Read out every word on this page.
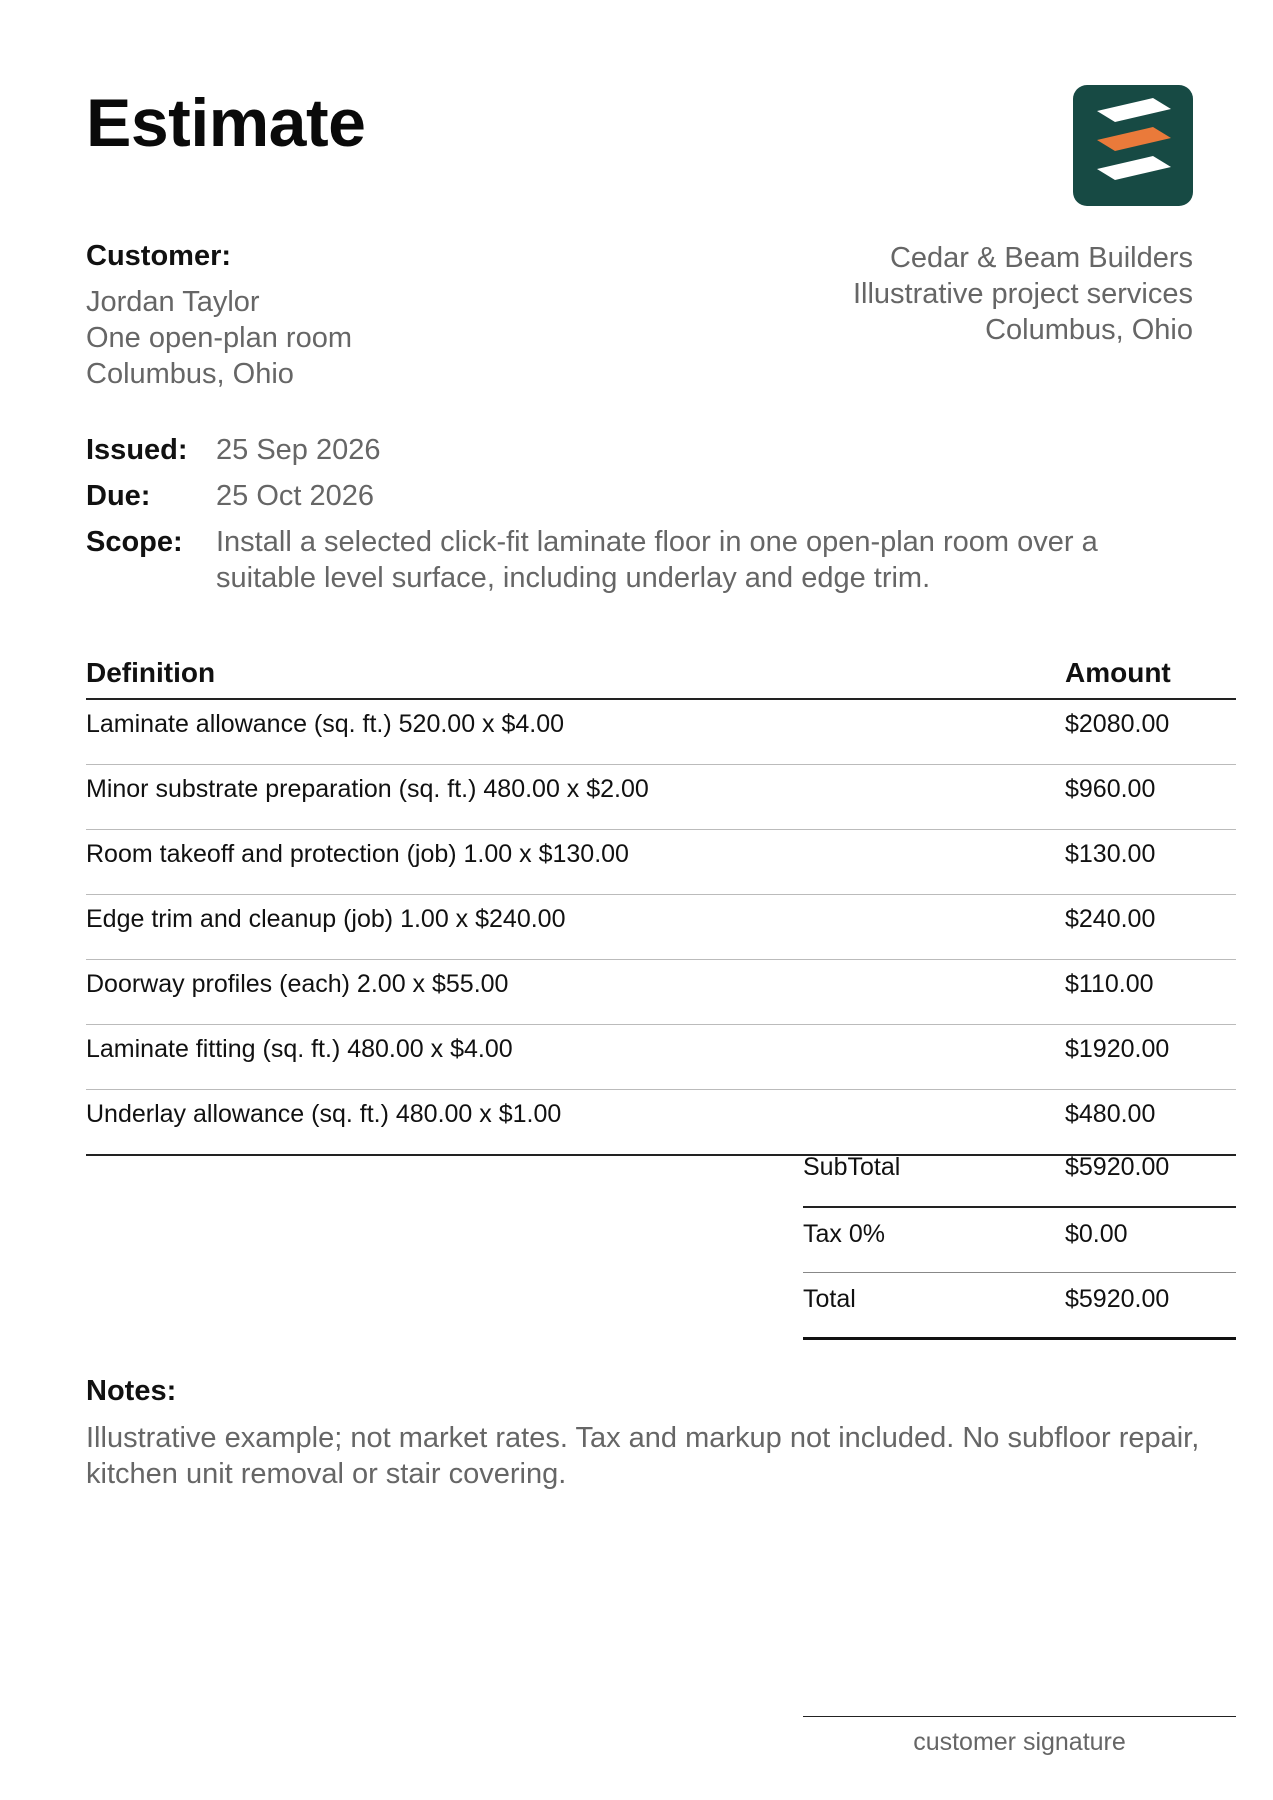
Estimate
Customer:
Jordan Taylor
One open-plan room
Columbus, Ohio
Cedar & Beam Builders
Illustrative project services
Columbus, Ohio
Issued: 25 Sep 2026
Due:	25 Oct 2026
Scope:	Install a selected click-fit laminate floor in one open-plan room over a suitable level surface, including underlay and edge trim.
Definition	Amount
Laminate allowance (sq. ft.) 520.00 x $4.00	$2080.00
Minor substrate preparation (sq. ft.) 480.00 x $2.00	$960.00
Room takeoff and protection (job) 1.00 x $130.00	$130.00
Edge trim and cleanup (job) 1.00 x $240.00	$240.00
Doorway profiles (each) 2.00 x $55.00	$110.00
Laminate fitting (sq. ft.) 480.00 x $4.00	$1920.00
Underlay allowance (sq. ft.) 480.00 x $1.00	$480.00
SubTotal	$5920.00
Tax 0%	$0.00
Total	$5920.00
Notes:
Illustrative example; not market rates. Tax and markup not included. No subfloor repair, kitchen unit removal or stair covering.
customer signature
